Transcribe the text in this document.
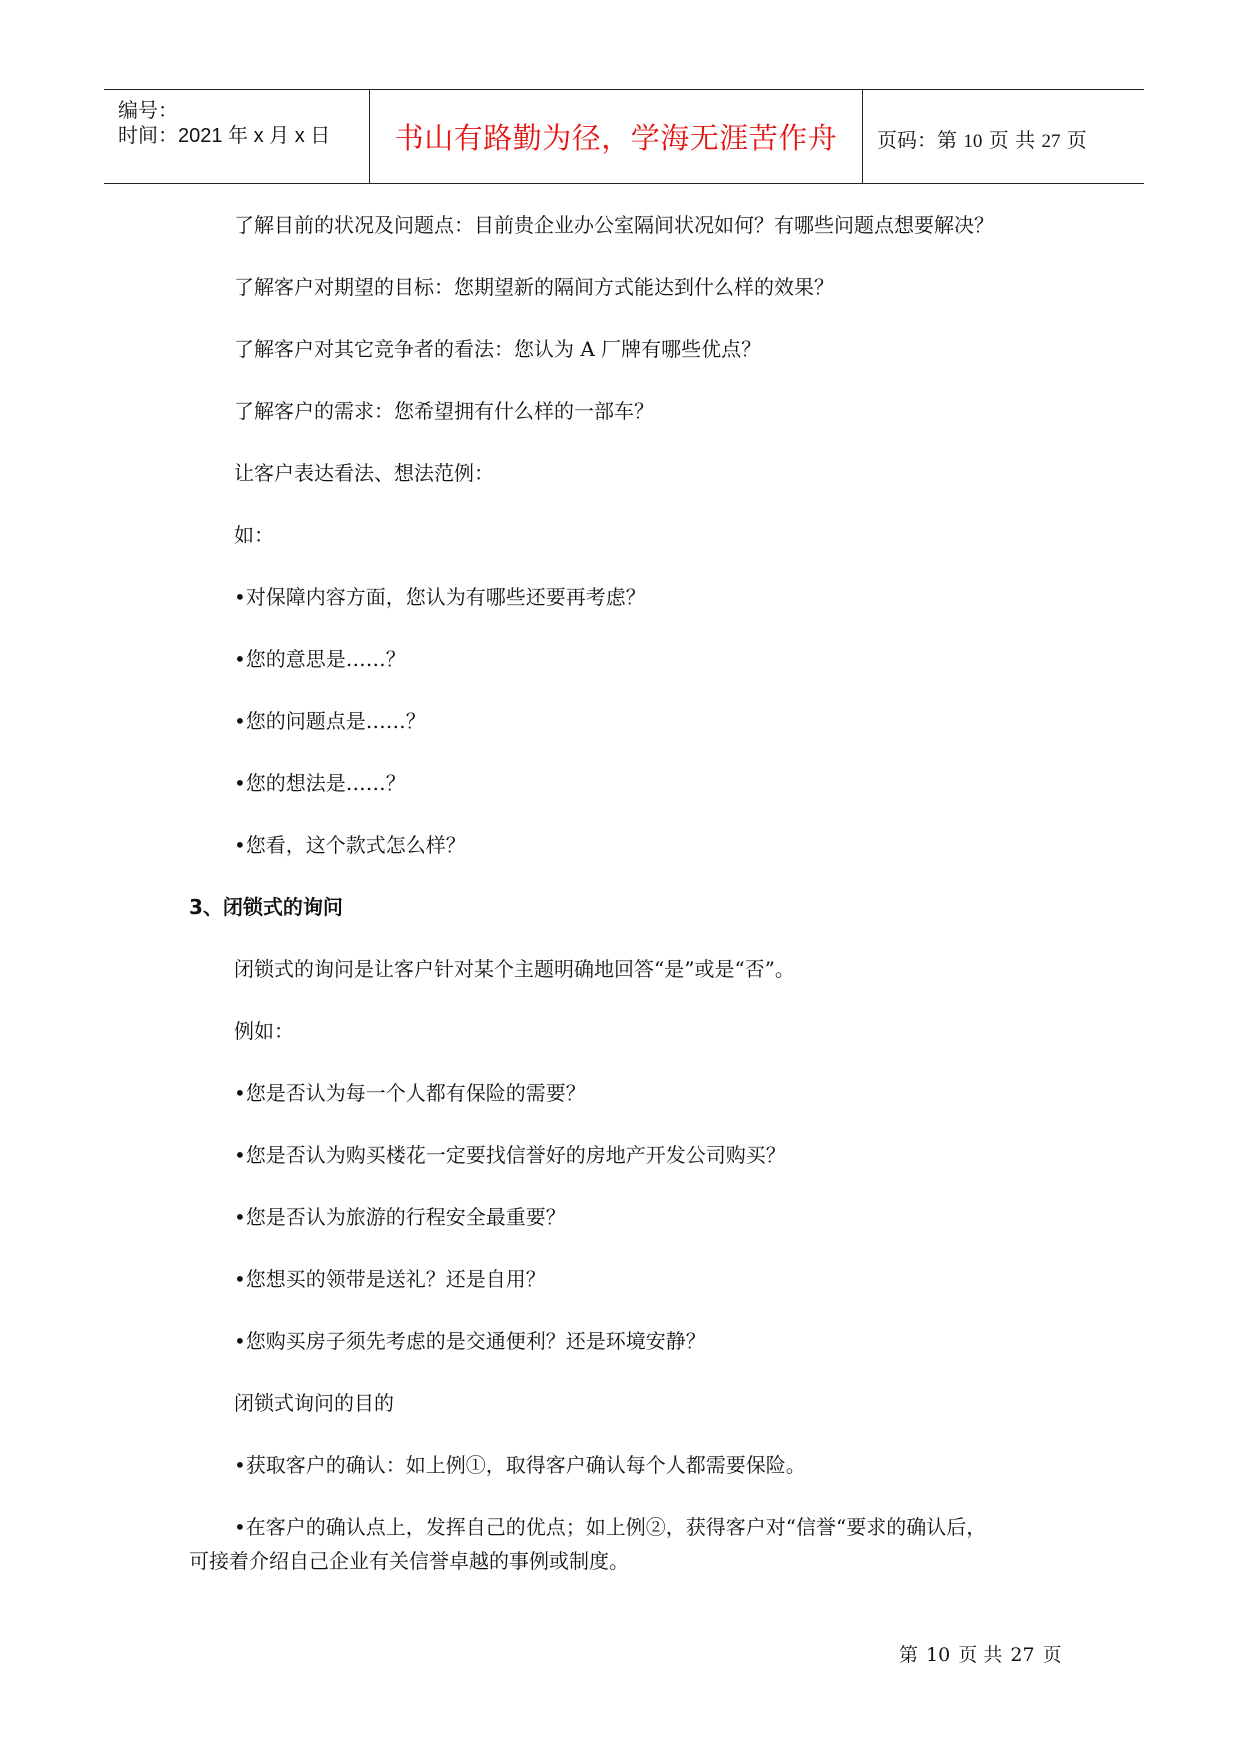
编号：
时间：2021 年 x 月 x 日	书山有路勤为径，学海无涯苦作舟	页码：第 10 页 共 27 页
了解目前的状况及问题点：目前贵企业办公室隔间状况如何？有哪些问题点想要解决？
了解客户对期望的目标：您期望新的隔间方式能达到什么样的效果？
了解客户对其它竞争者的看法：您认为 A 厂牌有哪些优点？
了解客户的需求：您希望拥有什么样的一部车？
让客户表达看法、想法范例：
如：
•对保障内容方面，您认为有哪些还要再考虑？
•您的意思是……？
•您的问题点是……？
•您的想法是……？
•您看，这个款式怎么样？
3、闭锁式的询问
闭锁式的询问是让客户针对某个主题明确地回答“是”或是“否”。
例如：
•您是否认为每一个人都有保险的需要？
•您是否认为购买楼花一定要找信誉好的房地产开发公司购买？
•您是否认为旅游的行程安全最重要？
•您想买的领带是送礼？还是自用？
•您购买房子须先考虑的是交通便利？还是环境安静？
闭锁式询问的目的
•获取客户的确认：如上例①，取得客户确认每个人都需要保险。
•在客户的确认点上，发挥自己的优点；如上例②，获得客户对“信誉“要求的确认后，
可接着介绍自己企业有关信誉卓越的事例或制度。
第 10 页 共 27 页
